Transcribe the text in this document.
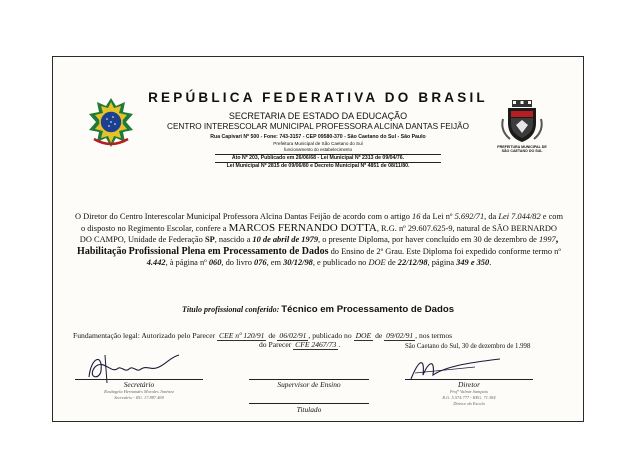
PREFEITURA MUNICIPAL DE
SÃO CAETANO DO SUL
REPÚBLICA FEDERATIVA DO BRASIL
SECRETARIA DE ESTADO DA EDUCAÇÃO
CENTRO INTERESCOLAR MUNICIPAL PROFESSORA ALCINA DANTAS FEIJÃO
Rua Capivari Nº 500 - Fone: 743-3157 - CEP 09580-370 - São Caetano do Sul - São Paulo
Prefeitura Municipal de São Caetano do Sul
funcionamento do estabelecimento
Ato Nº 203, Publicado em 26/06/68 - Lei Municipal Nº 2313 de 09/04/76.
Lei Municipal Nº 2815 de 09/06/80 e Decreto Municipal Nº 4851 de 08/11/80.
O Diretor do Centro Interescolar Municipal Professora Alcina Dantas Feijão de acordo com o artigo 16 da Lei nº 5.692/71, da Lei 7.044/82 e com o disposto no Regimento Escolar, confere a MARCOS FERNANDO DOTTA, R.G. nº 29.607.625-9, natural de SÃO BERNARDO DO CAMPO, Unidade de Federação SP, nascido a 10 de abril de 1979, o presente Diploma, por haver concluído em 30 de dezembro de 1997, Habilitação Profissional Plena em Processamento de Dados do Ensino de 2º Grau. Este Diploma foi expedido conforme termo nº 4.442, à página nº 060, do livro 076, em 30/12/98, e publicado no DOE de 22/12/98, página 349 e 350.
Título profissional conferido: Técnico em Processamento de Dados
Fundamentação legal: Autorizado pelo Parecer CEE nº 120/91 de 06/02/91 , publicado no DOE de 09/02/91 , nos termos
do Parecer CFE 2467/73 .	São Caetano do Sul, 30 de dezembro de 1.998
Secretário
Rosângela Hernandes Morales Jiménez
Secretário - RG. 17.887.469
Supervisor de Ensino	Diretor
Profº Valmir Sampaio
R.G. 5.574.777 - REG. 71.384
Diretor da Escola
Titulado
